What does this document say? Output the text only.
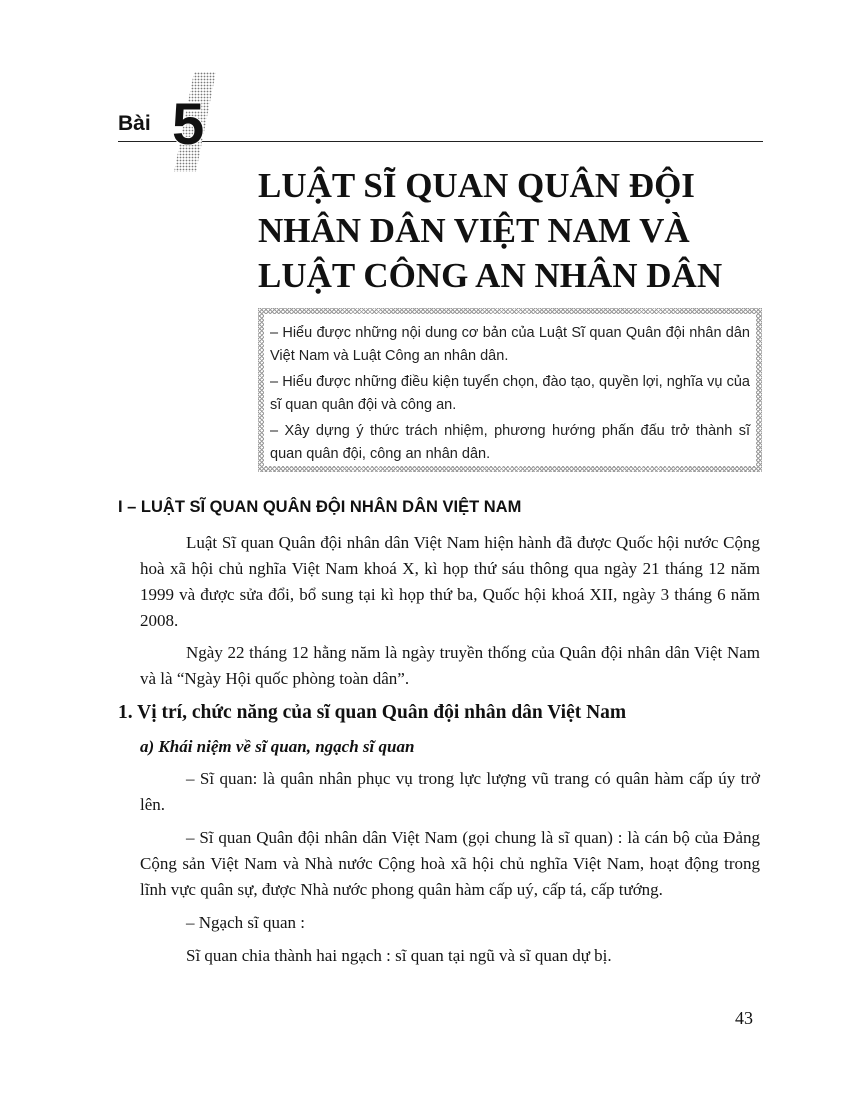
Bài 5
LUẬT SĨ QUAN QUÂN ĐỘI
NHÂN DÂN VIỆT NAM VÀ
LUẬT CÔNG AN NHÂN DÂN

– Hiểu được những nội dung cơ bản của Luật Sĩ quan Quân đội nhân dân Việt Nam và Luật Công an nhân dân.

– Hiểu được những điều kiện tuyển chọn, đào tạo, quyền lợi, nghĩa vụ của sĩ quan quân đội và công an.

– Xây dựng ý thức trách nhiệm, phương hướng phấn đấu trở thành sĩ quan quân đội, công an nhân dân.

I – LUẬT SĨ QUAN QUÂN ĐỘI NHÂN DÂN VIỆT NAM

Luật Sĩ quan Quân đội nhân dân Việt Nam hiện hành đã được Quốc hội nước Cộng hoà xã hội chủ nghĩa Việt Nam khoá X, kì họp thứ sáu thông qua ngày 21 tháng 12 năm 1999 và được sửa đổi, bổ sung tại kì họp thứ ba, Quốc hội khoá XII, ngày 3 tháng 6 năm 2008.

Ngày 22 tháng 12 hằng năm là ngày truyền thống của Quân đội nhân dân Việt Nam và là “Ngày Hội quốc phòng toàn dân”.

1. Vị trí, chức năng của sĩ quan Quân đội nhân dân Việt Nam
a) Khái niệm về sĩ quan, ngạch sĩ quan

– Sĩ quan: là quân nhân phục vụ trong lực lượng vũ trang có quân hàm cấp úy trở lên.

– Sĩ quan Quân đội nhân dân Việt Nam (gọi chung là sĩ quan) : là cán bộ của Đảng Cộng sản Việt Nam và Nhà nước Cộng hoà xã hội chủ nghĩa Việt Nam, hoạt động trong lĩnh vực quân sự, được Nhà nước phong quân hàm cấp uý, cấp tá, cấp tướng.

– Ngạch sĩ quan :

Sĩ quan chia thành hai ngạch : sĩ quan tại ngũ và sĩ quan dự bị.

43
